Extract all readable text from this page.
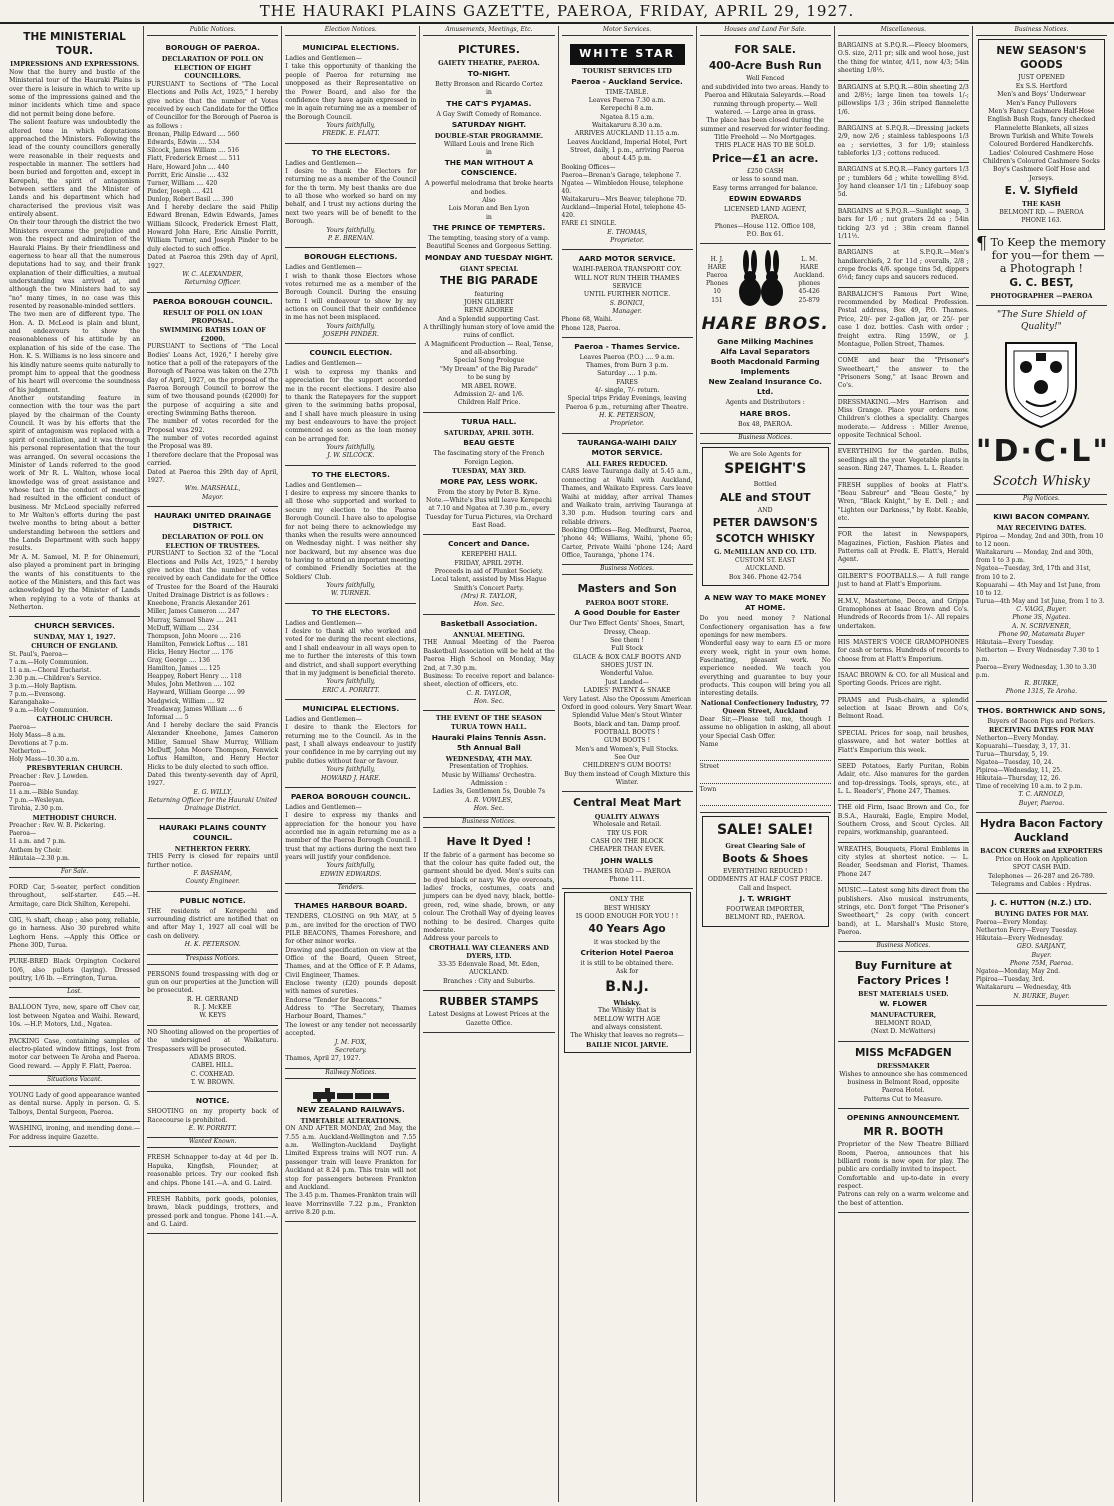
THE HAURAKI PLAINS GAZETTE, PAEROA, FRIDAY, APRIL 29, 1927.
THE MINISTERIAL TOUR.
IMPRESSIONS AND EXPRESSIONS.

Now that the hurry and bustle of the Ministerial tour of the Hauraki Plains is over there is leisure in which to write up some of the impressions gained and the minor incidents which time and space did not permit being done before.
The salient feature was undoubtedly the altered tone in which deputations approached the Ministers. Following the lead of the county councillors generally were reasonable in their requests and respectable in manner. The settlers had been buried and forgotten and, except in Kerepehi, the spirit of antagonism between settlers and the Minister of Lands and his department which had characterised the previous visit was entirely absent.

On their tour through the district the two Ministers overcame the prejudice and won the respect and admiration of the Hauraki Plains. By their friendliness and eagerness to hear all that the numerous deputations had to say, and their frank explanation of their difficulties, a mutual understanding was arrived at, and although the two Ministers had to say "no" many times, in no case was this resented by reasonable-minded settlers.
The two men are of different type. The Hon. A. D. McLeod is plain and blunt, and endeavours to show the reasonableness of his attitude by an explanation of his side of the case. The Hon. K. S. Williams is no less sincere and his kindly nature seems quite naturally to prompt him to appeal that the goodness of his heart will overcome the soundness of his judgment.

Another outstanding feature in connection with the tour was the part played by the chairman of the County Council. It was by his efforts that the spirit of antagonism was replaced with a spirit of conciliation, and it was through his personal representation that the tour was arranged. On several occasions the Minister of Lands referred to the good work of Mr R. L. Walton, whose local knowledge was of great assistance and whose tact in the conduct of meetings had resulted in the efficient conduct of business. Mr McLeod specially referred to Mr Walton's efforts during the past twelve months to bring about a better understanding between the settlers and the Lands Department with such happy results.
Mr A. M. Samuel, M. P. for Ohinemuri, also played a prominent part in bringing the wants of his constituents to the notice of the Ministers, and this fact was acknowledged by the Minister of Lands when replying to a vote of thanks at Netherton.

CHURCH SERVICES.
SUNDAY, MAY 1, 1927.
CHURCH OF ENGLAND.
St. Paul's, Paeroa—
7 a.m.—Holy Communion.
11 a.m.—Choral Eucharist.
2.30 p.m.—Children's Service.
3 p.m.—Holy Baptism.
7 p.m.—Evensong.
Karangahake—
9 a.m.—Holy Communion.
CATHOLIC CHURCH.
Paeroa—
Holy Mass—8 a.m.
Devotions at 7 p.m.
Netherton—
Holy Mass—10.30 a.m.
PRESBYTERIAN CHURCH.
Preacher : Rev. J. Lowden.
Paeroa—
11 a.m.—Bible Sunday.
7 p.m.—Wesleyan.
Tirohia, 2.30 p.m.
METHODIST CHURCH.
Preacher : Rev. W. B. Pickering.
Paeroa—
11 a.m. and 7 p.m.
Anthem by Choir.
Hikutaia—2.30 p.m.
For Sale.

FORD Car, 5-seater, perfect condition throughout, self-starter. £45.—H. Armitage, care Dick Shilton, Kerepehi.

GIG, ¾ shaft, cheap ; also pony, reliable, go in harness. Also 30 purebred white Leghorn Hens. —Apply this Office or Phone 30D, Turua.

PURE-BRED Black Orpington Cockerel 10/6, also pullets (laying). Dressed poultry, 1/6 lb. —Errington, Turua.

Lost.

BALLOON Tyre, new, spare off Chev car, lost between Ngatea and Waihi. Reward, 10s. —H.P. Motors, Ltd., Ngatea.

PACKING Case, containing samples of electro-plated window fittings, lost from motor car between Te Aroha and Paeroa. Good reward. — Apply F. Flatt, Paeroa.

Situations Vacant.

YOUNG Lady of good appearance wanted as dental nurse. Apply in person. G. S. Talboys, Dental Surgeon, Paeroa.

WASHING, ironing, and mending done.—For address inquire Gazette.

Public Notices.
BOROUGH OF PAEROA.
DECLARATION OF POLL ON ELECTION OF EIGHT COUNCILLORS.

PURSUANT to Sections of "The Local Elections and Polls Act, 1925," I hereby give notice that the number of Votes received by each Candidate for the Office of Councillor for the Borough of Paeroa is as follows :

Brenan, Philip Edward .... 560
Edwards, Edwin .... 534
Silcock, James William .... 516
Flatt, Frederick Ernest .... 511
Hare, Howard John .... 440
Porritt, Eric Ainslie .... 432
Turner, William .... 420
Pinder, Joseph .... 421
Dunlop, Robert Basil .... 390

And I hereby declare the said Philip Edward Brenan, Edwin Edwards, James William Silcock, Frederick Ernest Flatt, Howard John Hare, Eric Ainslie Porritt, William Turner, and Joseph Pinder to be duly elected to such office.
Dated at Paeroa this 29th day of April, 1927.

W. C. ALEXANDER,
Returning Officer.
PAEROA BOROUGH COUNCIL.
RESULT OF POLL ON LOAN PROPOSAL.
SWIMMING BATHS LOAN OF £2000.

PURSUANT to Sections of "The Local Bodies' Loans Act, 1926," I hereby give notice that a poll of the ratepayers of the Borough of Paeroa was taken on the 27th day of April, 1927, on the proposal of the Paeroa Borough Council to borrow the sum of two thousand pounds (£2000) for the purpose of acquiring a site and erecting Swimming Baths thereon.
The number of votes recorded for the Proposal was 292.
The number of votes recorded against the Proposal was 89.
I therefore declare that the Proposal was carried.
Dated at Paeroa this 29th day of April, 1927.

Wm. MARSHALL,
Mayor.
HAURAKI UNITED DRAINAGE DISTRICT.
DECLARATION OF POLL ON ELECTION OF TRUSTEES.

PURSUANT to Section 32 of the "Local Elections and Polls Act, 1925," I hereby give notice that the number of votes received by each Candidate for the Office of Trustee for the Board of the Hauraki United Drainage District is as follows :

Kneebone, Francis Alexander 261
Miller, James Cameron .... 247
Murray, Samuel Shaw .... 241
McDuff, William .... 234
Thompson, John Moore .... 216
Hamilton, Fenwick Loftus .... 181
Hicks, Henry Hector .... 176
Gray, George .... 136
Hamilton, James .... 125
Heappey, Robert Henry .... 118
Mules, John Methven .... 102
Hayward, William George .... 99
Madgwick, William .... 92
Treadaway, James William .... 6
Informal .... 5

And I hereby declare the said Francis Alexander Kneebone, James Cameron Miller, Samuel Shaw Murray, William McDuff, John Moore Thompson, Fenwick Loftus Hamilton, and Henry Hector Hicks to be duly elected to such office.
Dated this twenty-seventh day of April, 1927.

E. G. WILLY,
Returning Officer for the Hauraki United Drainage District.
HAURAKI PLAINS COUNTY COUNCIL.
NETHERTON FERRY.

THIS Ferry is closed for repairs until further notice.

F. BASHAM,
County Engineer.
PUBLIC NOTICE.

THE residents of Kerepechi and surrounding district are notified that on and after May 1, 1927 all coal will be cash on delivery.

H. K. PETERSON.
Trespass Notices.

PERSONS found trespassing with dog or gun on our properties at the Junction will be prosecuted.

R. H. GERRAND
R. J. McKEE
W. KEYS

NO Shooting allowed on the properties of the undersigned at Waikaturu. Trespassers will be prosecuted.

ADAMS BROS.
CABEL HILL.
C. COXHEAD.
T. W. BROWN.
NOTICE.

SHOOTING on my property back of Racecourse is prohibited.

E. W. PORRITT.
Wanted Known.

FRESH Schnapper to-day at 4d per lb. Hapuka, Kingfish, Flounder, at reasonable prices. Try our cooked fish and chips. Phone 141.—A. and G. Laird.

FRESH Rabbits, pork goods, polonies, brawn, black puddings, trotters, and pressed pork and tongue. Phone 141.—A. and G. Laird.

Election Notices.
MUNICIPAL ELECTIONS.

Ladies and Gentlemen—
I take this opportunity of thanking the people of Paeroa for returning me unopposed as their Representative on the Power Board, and also for the confidence they have again expressed in me in again returning me as a member of the Borough Council.

Yours faithfully,
FREDK. E. FLATT.
TO THE ELECTORS.

Ladies and Gentlemen—
I desire to thank the Electors for returning me as a member of the Council for the th term. My best thanks are due to all those who worked so hard on my behalf, and I trust my actions during the next two years will be of benefit to the Borough.

Yours faithfully,
P. E. BRENAN.
BOROUGH ELECTIONS.

Ladies and Gentlemen—
I wish to thank those Electors whose votes returned me as a member of the Borough Council. During the ensuing term I will endeavour to show by my actions on Council that their confidence in me has not been misplaced.

Yours faithfully,
JOSEPH PINDER.
COUNCIL ELECTION.

Ladies and Gentlemen—
I wish to express my thanks and appreciation for the support accorded me in the recent elections. I desire also to thank the Ratepayers for the support given to the swimming baths proposal, and I shall have much pleasure in using my best endeavours to have the project commenced as soon as the loan money can be arranged for.

Yours faithfully,
J. W. SILCOCK.
TO THE ELECTORS.

Ladies and Gentlemen—
I desire to express my sincere thanks to all those who supported and worked to secure my election to the Paeroa Borough Council. I have also to apologise for not being there to acknowledge my thanks when the results were announced on Wednesday night. I was neither shy nor backward, but my absence was due to having to attend an important meeting of combined Friendly Societies at the Soldiers' Club.

Yours faithfully,
W. TURNER.
TO THE ELECTORS.

Ladies and Gentlemen—
I desire to thank all who worked and voted for me during the recent elections, and I shall endeavour in all ways open to me to further the interests of this town and district, and shall support everything that in my judgment is beneficial thereto.

Yours faithfully,
ERIC A. PORRITT.
MUNICIPAL ELECTIONS.

Ladies and Gentlemen—
I desire to thank the Electors for returning me to the Council. As in the past, I shall always endeavour to justify your confidence in me by carrying out my public duties without fear or favour.

Yours faithfully,
HOWARD J. HARE.
PAEROA BOROUGH COUNCIL.

Ladies and Gentlemen—
I desire to express my thanks and appreciation for the honour you have accorded me in again returning me as a member of the Paeroa Borough Council. I trust that my actions during the next two years will justify your confidence.

Yours faithfully,
EDWIN EDWARDS.
Tenders.
THAMES HARBOUR BOARD.

TENDERS, CLOSING on 9th MAY, at 5 p.m., are invited for the erection of TWO PILE BEACONS, Thames Foreshore, and for other minor works.
Drawing and specification on view at the Office of the Board, Queen Street, Thames, and at the Office of F. P. Adams, Civil Engineer, Thames.
Enclose twenty (£20) pounds deposit with names of sureties.
Endorse "Tender for Beacons."
Address to "The Secretary, Thames Harbour Board, Thames."
The lowest or any tender not necessarily accepted.

J. M. FOX,
Secretary.
Thames, April 27, 1927.
Railway Notices.
NEW ZEALAND RAILWAYS.
TIMETABLE ALTERATIONS.

ON AND AFTER MONDAY, 2nd May, the 7.55 a.m. Auckland-Wellington and 7.55 a.m. Wellington-Auckland Daylight Limited Express trains will NOT run. A passenger train will leave Frankton for Auckland at 8.24 p.m. This train will not stop for passengers between Frankton and Auckland.
The 3.45 p.m. Thames-Frankton train will leave Morrinsville 7.22 p.m., Frankton arrive 8.20 p.m.

Amusements, Meetings, Etc.
PICTURES.
GAIETY THEATRE, PAEROA.
TO-NIGHT.
Betty Bronson and Ricardo Cortez
in
THE CAT'S PYJAMAS.
A Gay Swift Comedy of Romance.
SATURDAY NIGHT.
DOUBLE-STAR PROGRAMME.
Willard Louis and Irene Rich
in
THE MAN WITHOUT A CONSCIENCE.
A powerful melodrama that broke hearts and bodies.
Also
Lois Moran and Ben Lyon
in
THE PRINCE OF TEMPTERS.
The tempting, teasing story of a vamp.
Beautiful Scenes and Gorgeous Setting.
MONDAY AND TUESDAY NIGHT.
GIANT SPECIAL
THE BIG PARADE
featuring
JOHN GILBERT
RENE ADOREE
And a Splendid supporting Cast.
A thrillingly human story of love amid the ruins of conflict.
A Magnificent Production — Real, Tense, and all-absorbing.
Special Song Prologue
"My Dream" of the Big Parade"
to be sung by
MR ABEL ROWE.
Admission 2/- and 1/6.
Children Half Price.
TURUA HALL.
SATURDAY, APRIL 30TH.
BEAU GESTE
The fascinating story of the French Foreign Legion.
TUESDAY, MAY 3RD.
MORE PAY, LESS WORK.
From the story by Peter B. Kyne.
Note.—White's Bus will leave Kerepechi at 7.10 and Ngatea at 7.30 p.m., every Tuesday for Turua Pictures, via Orchard East Road.
Concert and Dance.
KEREPEHI HALL
FRIDAY, APRIL 29TH.
Proceeds in aid of Plunket Society.
Local talent, assisted by Miss Hague Smith's Concert Party.
(Mrs) R. TAYLOR,
Hon. Sec.
Basketball Association.
ANNUAL MEETING.

THE Annual Meeting of the Paeroa Basketball Association will be held at the Paeroa High School on Monday, May 2nd, at 7.30 p.m.
Business: To receive report and balance-sheet, election of officers, etc.

C. R. TAYLOR,
Hon. Sec.
THE EVENT OF THE SEASON
TURUA TOWN HALL.
Hauraki Plains Tennis Assn.
5th Annual Ball
WEDNESDAY, 4TH MAY.
Presentation of Trophies.
Music by Williams' Orchestra.
Admission :
Ladies 3s, Gentlemen 5s, Double 7s
A. R. VOWLES,
Hon. Sec.
Business Notices.
Have It Dyed !

If the fabric of a garment has become so that the colour has quite faded out, the garment should be dyed. Men's suits can be dyed black or navy. We dye overcoats, ladies' frocks, costumes, coats and jumpers can be dyed navy, black, bottle-green, red, wine shade, brown, or any colour. The Crothall Way of dyeing leaves nothing to be desired. Charges quite moderate.
Address your parcels to

CROTHALL WAY CLEANERS AND DYERS, LTD.
33-35 Edenvale Road, Mt. Eden, AUCKLAND.
Branches : City and Suburbs.
RUBBER STAMPS
Latest Designs at Lowest Prices at the Gazette Office.
Motor Services.
WHITE STAR
TOURIST SERVICES LTD
Paeroa - Auckland Service.
TIME-TABLE.
Leaves Paeroa 7.30 a.m.
Kerepechi 8 a.m.
Ngatea 8.15 a.m.
Waitakaruru 8.30 a.m.
ARRIVES AUCKLAND 11.15 a.m.
Leaves Auckland, Imperial Hotel, Port Street, daily, 1 p.m., arriving Paeroa about 4.45 p.m.
Booking Offices—
Paeroa—Brenan's Garage, telephone 7.
Ngatea — Wimbledon House, telephone 40.
Waitakaruru—Mrs Beaver, telephone 7D.
Auckland—Imperial Hotel, telephone 45-420.
FARE £1 SINGLE.
E. THOMAS,
Proprietor.
AARD MOTOR SERVICE.
WAIHI-PAEROA TRANSPORT COY.
WILL NOT RUN THEIR THAMES SERVICE
UNTIL FURTHER NOTICE.
S. BONICI,
Manager.
Phone 68, Waihi.
Phone 128, Paeroa.
Paeroa - Thames Service.
Leaves Paeroa (P.O.) .... 9 a.m.
Thames, from Burn 3 p.m.
Saturday .... 1 p.m.
FARES
4/- single, 7/- return.
Special trips Friday Evenings, leaving Paeroa 6 p.m., returning after Theatre.
H. K. PETERSON,
Proprietor.
TAURANGA-WAIHI DAILY MOTOR SERVICE.
ALL FARES REDUCED.

CARS leave Tauranga daily at 5.45 a.m., connecting at Waihi with Auckland, Thames, and Waikato Express. Cars leave Waihi at midday, after arrival Thames and Waikato train, arriving Tauranga at 3.30 p.m. Hudson touring cars and reliable drivers.
Booking Offices—Reg. Medhurst, Paeroa, 'phone 44; Williams, Waihi, 'phone 65; Carter, Private Waihi 'phone 124; Aard Office, Tauranga, 'phone 174.

Business Notices.
Masters and Son
PAEROA BOOT STORE.
A Good Double for Easter
Our Two Effect Gents' Shoes, Smart, Dressy, Cheap.
See them !
Full Stock
GLACE & BOX CALF BOOTS AND SHOES JUST IN.
Wonderful Value.
Just Landed—
LADIES' PATENT & SNAKE
Very Latest. Also the Opossum American Oxford in good colours. Very Smart Wear.
Splendid Value Men's Stout Winter Boots, black and tan. Damp proof.
FOOTBALL BOOTS !
GUM BOOTS !
Men's and Women's, Full Stocks.
See Our
CHILDREN'S GUM BOOTS!
Buy them instead of Cough Mixture this Winter.
Central Meat Mart
QUALITY ALWAYS
Wholesale and Retail.
TRY US FOR
CASH ON THE BLOCK
CHEAPER THAN EVER.
JOHN WALLS
THAMES ROAD — PAEROA
Phone 111.
ONLY THE
BEST WHISKY
IS GOOD ENOUGH FOR YOU ! !
40 Years Ago
it was stocked by the
Criterion Hotel Paeroa
it is still to be obtained there.
Ask for
B.N.J.
Whisky.
The Whisky that is
MELLOW WITH AGE
and always consistent.
The Whisky that leaves no regrets—
BAILIE NICOL JARVIE.
Houses and Land For Sale.
FOR SALE.
400-Acre Bush Run
Well Fenced
and subdivided into two areas. Handy to Paeroa and Hikutaia Saleyards.—Road running through property.— Well watered. — Large area in grass.
The place has been closed during the summer and reserved for winter feeding.
Title Freehold — No Mortgages.
THIS PLACE HAS TO BE SOLD.
Price—£1 an acre.
£250 CASH
or less to sound man.
Easy terms arranged for balance.
EDWIN EDWARDS
LICENSED LAND AGENT,
PAEROA.
Phones—House 112. Office 108,
P.O. Box 61.
H. J.
HARE
Paeroa
Phones
10
151
L. M.
HARE
Auckland.
phones
45-426
25-879
HARE BROS.
Gane Milking Machines
Alfa Laval Separators
Booth Macdonald Farming Implements
New Zealand Insurance Co. Ltd.
Agents and Distributors :
HARE BROS.
Box 48, PAEROA.
Business Notices.
We are Sole Agents for
SPEIGHT'S
Bottled
ALE and STOUT
AND
PETER DAWSON'S
SCOTCH WHISKY
G. McMILLAN AND CO. LTD.
CUSTOM ST. EAST
AUCKLAND.
Box 346. Phone 42-754
A NEW WAY TO MAKE MONEY AT HOME.

Do you need money ? National Confectionery organisation has a few openings for new members.
Wonderful easy way to earn £5 or more every week, right in your own home. Fascinating, pleasant work. No experience needed. We teach you everything and guarantee to buy your products. This coupon will bring you all interesting details.

National Confectionery Industry, 77 Queen Street, Auckland

Dear Sir,—Please tell me, though I assume no obligation in asking, all about your Special Cash Offer.

Name
Street
Town
SALE! SALE!
Great Clearing Sale of
Boots & Shoes
EVERYTHING REDUCED !
ODDMENTS AT HALF COST PRICE.
Call and Inspect.
J. T. WRIGHT
FOOTWEAR IMPORTER,
BELMONT RD., PAEROA.
Miscellaneous.

BARGAINS at S.P.Q.R.—Fleecy bloomers, O.S. size, 2/11 pr; silk and wool hose, just the thing for winter, 4/11, now 4/3; 54in sheeting 1/8½.

BARGAINS at S.P.Q.R.—80in sheeting 2/3 and 2/8½; large linen tea towels 1/-; pillowslips 1/3 ; 36in striped flannelette 1/6.

BARGAINS at S.P.Q.R.—Dressing jackets 2/9, now 2/6 ; stainless tablespoons 1/3 ea ; serviettes, 3 for 1/9; stainless tableforks 1/3 ; cottons reduced.

BARGAINS at S.P.Q.R.—Fancy garters 1/3 pr ; tumblers 6d ; white towelling 8½d. Joy hand cleanser 1/1 tin ; Lifebuoy soap 5d.

BARGAINS at S.P.Q.R.—Sunlight soap, 3 bars for 1/6 ; nut graters 2d ea ; 54in ticking 2/3 yd ; 38in cream flannel 1/11½.

BARGAINS at S.P.Q.R.—Men's handkerchiefs, 2 for 11d ; overalls, 2/8 ; crepe frocks 4/6. sponge tins 5d, dippers 6½d; fancy cups and saucers reduced.

BARBALICH'S Famous Port Wine, recommended by Medical Profession. Postal address, Box 49, P.O. Thames. Price, 20/- per 2-gallon jar, or 25/- per case 1 doz. bottles. Cash with order ; freight extra. Ring 159W., or J. Montague, Pollen Street, Thames.

COME and hear the "Prisoner's Sweetheart," the answer to the "Prisoners Song," at Isaac Brown and Co's.

DRESSMAKING.—Mrs Harrison and Miss Grange. Place your orders now. Children's clothes a speciality. Charges moderate.— Address : Miller Avenue, opposite Technical School.

EVERYTHING for the garden. Bulbs, seedlings all the year. Vegetable plants in season. Ring 247, Thames. L. L. Reader.

FRESH supplies of books at Flatt's. "Beau Sabreur" and "Beau Geste," by Wren, "Black Knight," by E. Dell ; and "Lighten our Darkness," by Robt. Keable, etc.

FOR the latest in Newspapers, Magazines, Fiction, Fashion Plates and Patterns call at Fredk. E. Flatt's, Herald Agent.

GILBERT'S FOOTBALLS.— A full range just to hand at Flatt's Emporium.

H.M.V., Mastertone, Decca, and Grippa Gramophones at Isaac Brown and Co's. Hundreds of Records from 1/-. All repairs undertaken.

HIS MASTER'S VOICE GRAMOPHONES for cash or terms. Hundreds of records to choose from at Flatt's Emporium.

ISAAC BROWN & CO. for all Musical and Sporting Goods. Prices are right.

PRAMS and Push-chairs, a splendid selection at Isaac Brown and Co's, Belmont Road.

SPECIAL Prices for soap, nail brushes, glassware, and hot water bottles at Flatt's Emporium this week.

SEED Potatoes, Early Puritan, Robin Adair, etc. Also manures for the garden and top-dressings. Tools, sprays, etc., at L. L. Reader's', Phone 247, Thames.

THE old Firm, Isaac Brown and Co., for B.S.A., Hauraki, Eagle, Empire Model, Southern Cross, and Scout Cycles. All repairs, workmanship, guaranteed.

WREATHS, Bouquets, Floral Emblems in city styles at shortest notice. — L. Reader, Seedsman and Florist, Thames. Phone 247

MUSIC.—Latest song hits direct from the publishers. Also musical instruments, strings, etc. Don't forget "The Prisoner's Sweetheart," 2s copy (with concert band), at L. Marshall's Music Store, Paeroa.

Business Notices.
Buy Furniture at Factory Prices !
BEST MATERIALS USED.
W. FLOWER
MANUFACTURER,
BELMONT ROAD,
(Next D. McWatters)
MISS McFADGEN
DRESSMAKER
Wishes to announce she has commenced business in Belmont Road, opposite Paeroa Hotel.
Patterns Cut to Measure.
OPENING ANNOUNCEMENT.
MR R. BOOTH

Proprietor of the New Theatre Billiard Room, Paeroa, announces that his billiard room is now open for play. The public are cordially invited to inspect.
Comfortable and up-to-date in every respect.
Patrons can rely on a warm welcome and the best of attention.

Business Notices.
NEW SEASON'S GOODS
JUST OPENED
Ex S.S. Hertford
Men's and Boys' Underwear
Men's Fancy Pullovers
Men's Fancy Cashmere Half-Hose
English Bush Rugs, fancy checked
Flannelette Blankets, all sizes
Brown Turkish and White Towels
Coloured Bordered Handkerchfs.
Ladies' Coloured Cashmere Hose
Children's Coloured Cashmere Socks
Boy's Cashmere Golf Hose and Jerseys.
E. V. Slyfield
THE KASH
BELMONT RD. — PAEROA
PHONE 163.
¶ To Keep the memory for you—for them —a Photograph !
G. C. BEST,
PHOTOGRAPHER —PAEROA
"The Sure Shield of Quality!"
"D·C·L"
Scotch Whisky
Pig Notices.
KIWI BACON COMPANY.
MAY RECEIVING DATES.
Pipiroa — Monday, 2nd and 30th, from 10 to 12 noon.
Waitakaruru — Monday, 2nd and 30th, from 1 to 3 p.m.
Ngatea—Tuesday, 3rd, 17th and 31st, from 10 to 2.
Kopuarahi — 4th May and 1st June, from 10 to 12.
Turua—4th May and 1st June, from 1 to 3.
C. VAGG, Buyer.
Phone 3S, Ngatea.
A. N. SCRIVENER,
Phone 90, Matamata Buyer
Hikutaia—Every Tuesday.
Netherton — Every Wednesday 7.30 to 1 p.m.
Paeroa—Every Wednesday, 1.30 to 3.30 p.m.
R. BURKE,
Phone 131S, Te Aroha.
THOS. BORTHWICK AND SONS,
Buyers of Bacon Pigs and Porkers.
RECEIVING DATES FOR MAY
Netherton—Every Monday.
Kopuarahi—Tuesday, 3, 17, 31.
Turua—Thursday, 5, 19.
Ngatea—Tuesday, 10, 24.
Pipiroa—Wednesday, 11, 25.
Hikutaia—Thursday, 12, 26.
Time of receiving 10 a.m. to 2 p.m.
T. C. ARNOLD,
Buyer, Paeroa.
Hydra Bacon Factory Auckland
BACON CURERS and EXPORTERS
Price on Hook on Application
SPOT CASH PAID.
Telephones — 26-287 and 26-789.
Telegrams and Cables : Hydras.
J. C. HUTTON (N.Z.) LTD.
BUYING DATES FOR MAY.
Paeroa—Every Monday.
Netherton Ferry—Every Tuesday.
Hikutaia—Every Wednesday.
GEO. SARJANT,
Buyer.
Phone 75M, Paeroa.
Ngatea—Monday, May 2nd.
Pipiroa—Tuesday, 3rd.
Waitakaruru — Wednesday, 4th
N. BURKE, Buyer.
